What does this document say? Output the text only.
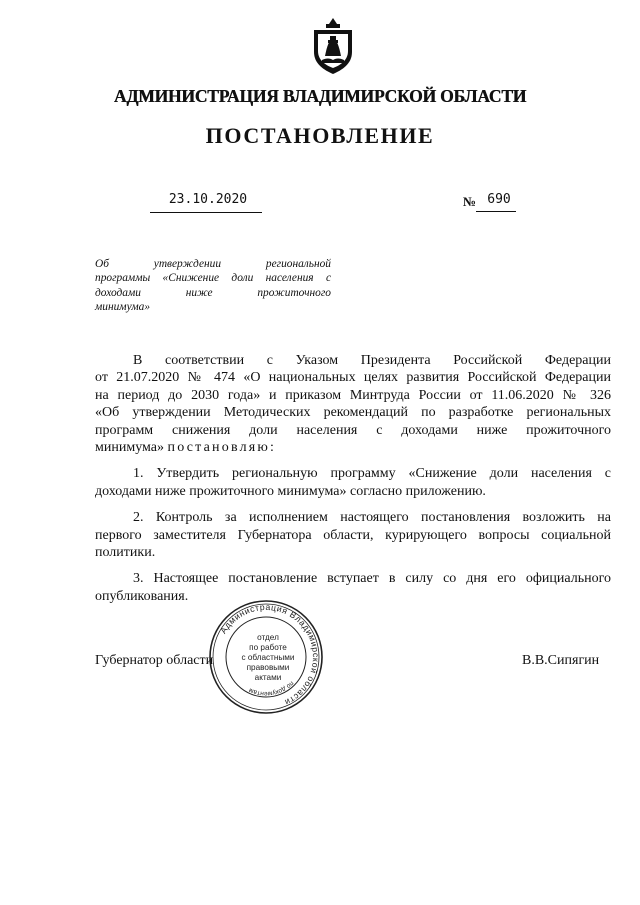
АДМИНИСТРАЦИЯ ВЛАДИМИРСКОЙ ОБЛАСТИ
ПОСТАНОВЛЕНИЕ
23.10.2020	№ 690
Об утверждении региональной
программы «Снижение доли населения с
доходами ниже прожиточного
минимума»
В соответствии с Указом Президента Российской Федерации
от 21.07.2020 № 474 «О национальных целях развития Российской Федерации
на период до 2030 года» и приказом Минтруда России от 11.06.2020 № 326
«Об утверждении Методических рекомендаций по разработке региональных
программ снижения доли населения с доходами ниже прожиточного
минимума» постановляю:
1. Утвердить региональную программу «Снижение доли населения с
доходами ниже прожиточного минимума» согласно приложению.
2. Контроль за исполнением настоящего постановления возложить на
первого заместителя Губернатора области, курирующего вопросы социальной
политики.
3. Настоящее постановление вступает в силу со дня его официального
опубликования.
Администрация Владимирской области
по документам
отдел
по работе
с областными
правовыми
актами
Губернатор области	В.В.Сипягин
